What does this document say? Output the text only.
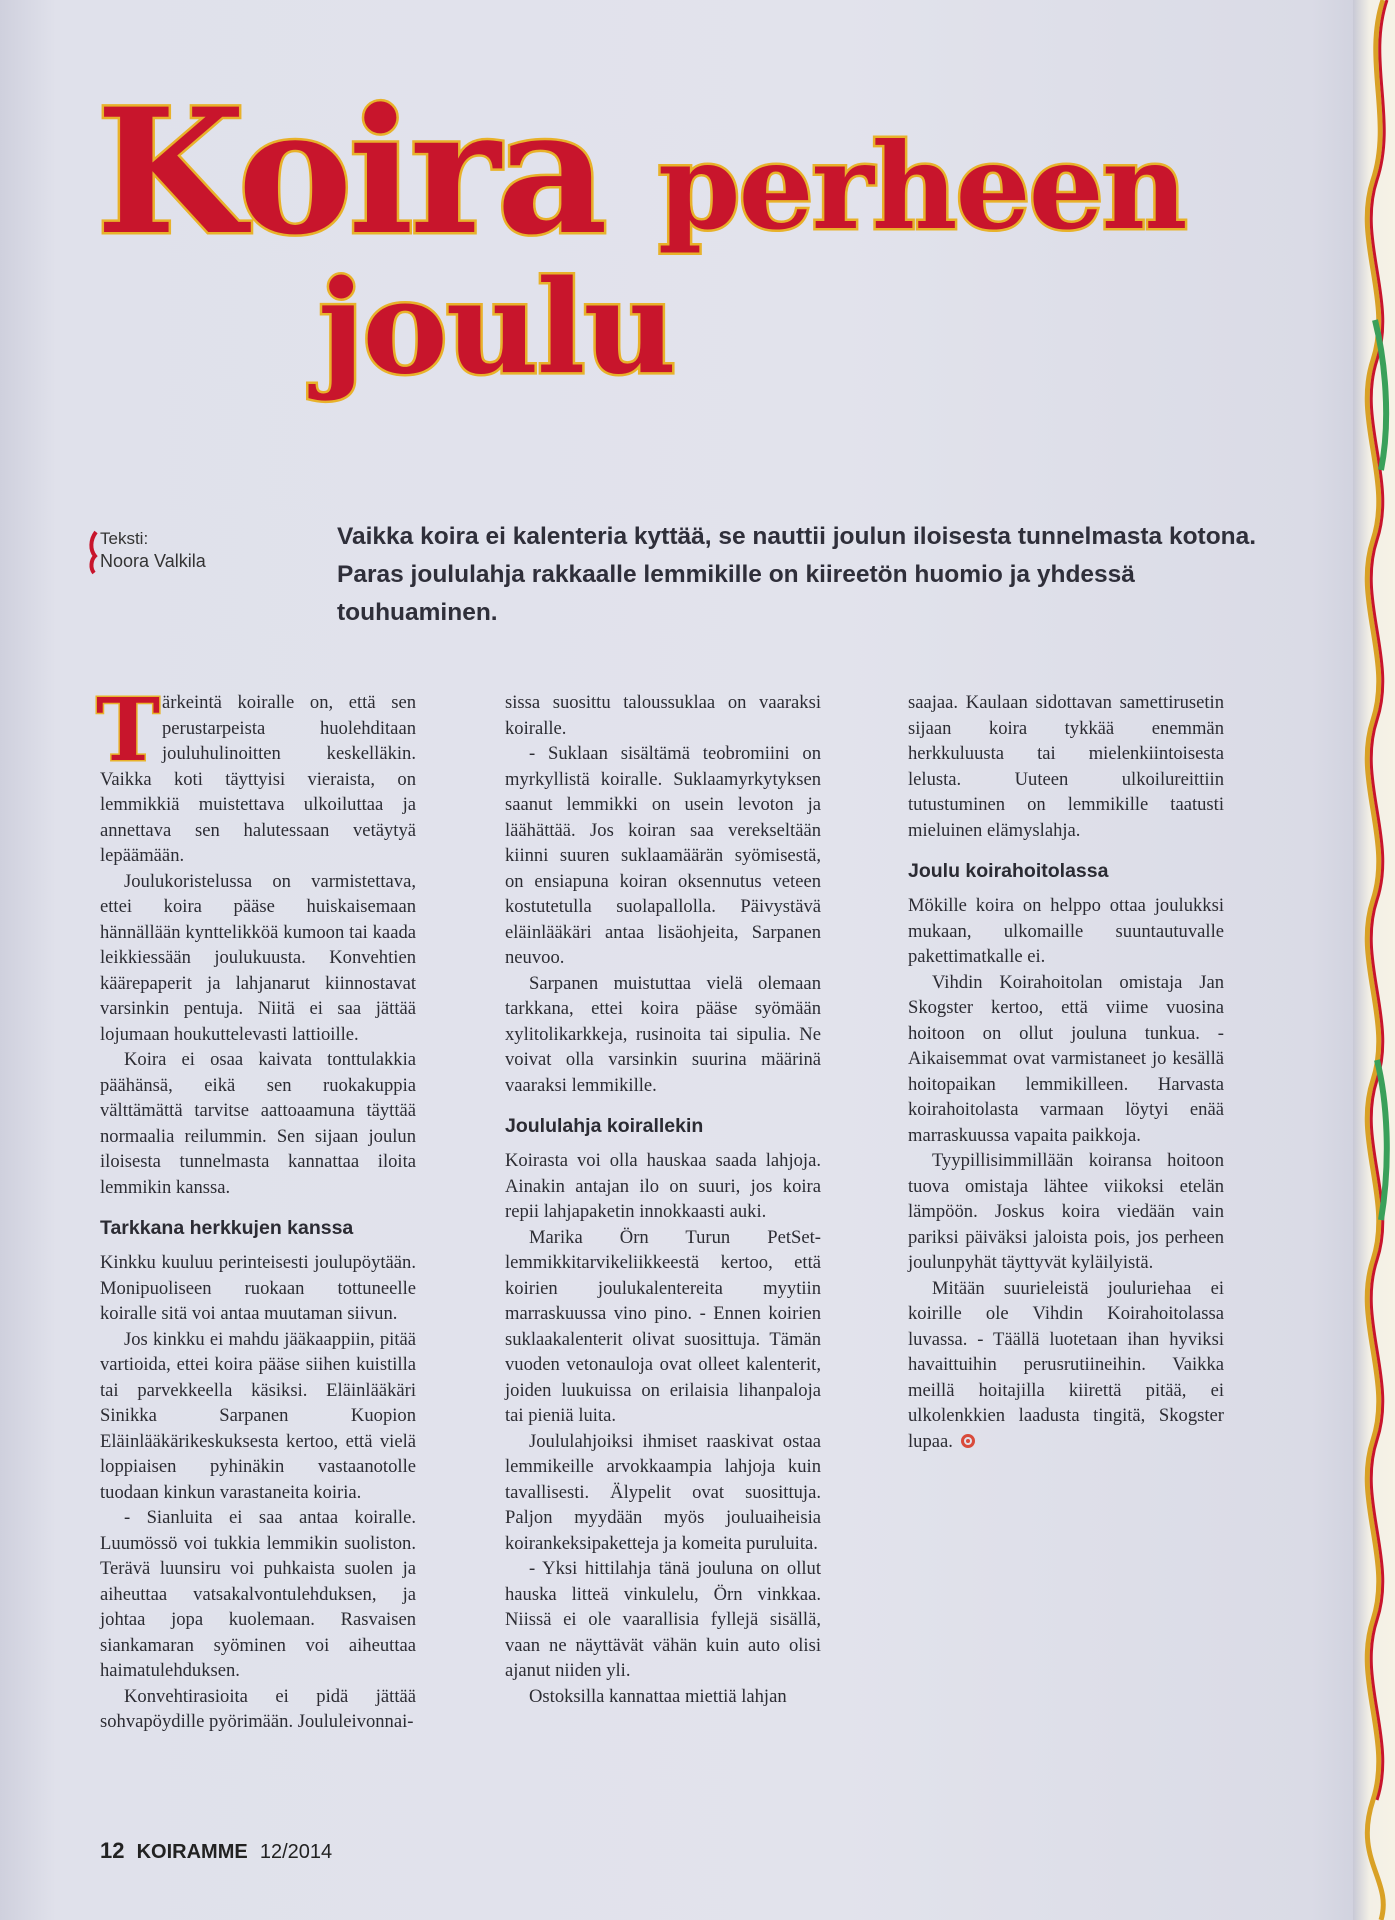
Koira perheen
joulu
Teksti:
Noora Valkila
Vaikka koira ei kalenteria kyttää, se nauttii joulun iloisesta tunnelmasta kotona. Paras joululahja rakkaalle lemmikille on kiireetön huomio ja yhdessä touhuaminen.

T ärkeintä koiralle on, että sen perustarpeista huolehditaan jouluhulinoitten keskelläkin. Vaikka koti täyttyisi vieraista, on lemmikkiä muistettava ulkoiluttaa ja annettava sen halutessaan vetäytyä lepäämään.

Joulukoristelussa on varmistettava, ettei koira pääse huiskaisemaan hännällään kynttelikköä kumoon tai kaada leikkiessään joulukuusta. Konvehtien käärepaperit ja lahjanarut kiinnostavat varsinkin pentuja. Niitä ei saa jättää lojumaan houkuttelevasti lattioille.

Koira ei osaa kaivata tonttulakkia päähänsä, eikä sen ruokakuppia välttämättä tarvitse aattoaamuna täyttää normaalia reilummin. Sen sijaan joulun iloisesta tunnelmasta kannattaa iloita lemmikin kanssa.

Tarkkana herkkujen kanssa

Kinkku kuuluu perinteisesti joulupöytään. Monipuoliseen ruokaan tottuneelle koiralle sitä voi antaa muutaman siivun.

Jos kinkku ei mahdu jääkaappiin, pitää vartioida, ettei koira pääse siihen kuistilla tai parvekkeella käsiksi. Eläinlääkäri Sinikka Sarpanen Kuopion Eläinlääkärikeskuksesta kertoo, että vielä loppiaisen pyhinäkin vastaanotolle tuodaan kinkun varastaneita koiria.

- Sianluita ei saa antaa koiralle. Luumössö voi tukkia lemmikin suoliston. Terävä luunsiru voi puhkaista suolen ja aiheuttaa vatsakalvontulehduksen, ja johtaa jopa kuolemaan. Rasvaisen siankamaran syöminen voi aiheuttaa haimatulehduksen.

Konvehtirasioita ei pidä jättää sohvapöydille pyörimään. Joululeivonnai-

sissa suosittu taloussuklaa on vaaraksi koiralle.

- Suklaan sisältämä teobromiini on myrkyllistä koiralle. Suklaamyrkytyksen saanut lemmikki on usein levoton ja läähättää. Jos koiran saa verekseltään kiinni suuren suklaamäärän syömisestä, on ensiapuna koiran oksennutus veteen kostutetulla suolapallolla. Päivystävä eläinlääkäri antaa lisäohjeita, Sarpanen neuvoo.

Sarpanen muistuttaa vielä olemaan tarkkana, ettei koira pääse syömään xylitolikarkkeja, rusinoita tai sipulia. Ne voivat olla varsinkin suurina määrinä vaaraksi lemmikille.

Joululahja koirallekin

Koirasta voi olla hauskaa saada lahjoja. Ainakin antajan ilo on suuri, jos koira repii lahjapaketin innokkaasti auki.

Marika Örn Turun PetSet-lemmikkitarvikeliikkeestä kertoo, että koirien joulukalentereita myytiin marraskuussa vino pino. - Ennen koirien suklaakalenterit olivat suosittuja. Tämän vuoden vetonauloja ovat olleet kalenterit, joiden luukuissa on erilaisia lihanpaloja tai pieniä luita.

Joululahjoiksi ihmiset raaskivat ostaa lemmikeille arvokkaampia lahjoja kuin tavallisesti. Älypelit ovat suosittuja. Paljon myydään myös jouluaiheisia koirankeksipaketteja ja komeita puruluita.

- Yksi hittilahja tänä jouluna on ollut hauska litteä vinkulelu, Örn vinkkaa. Niissä ei ole vaarallisia fyllejä sisällä, vaan ne näyttävät vähän kuin auto olisi ajanut niiden yli.

Ostoksilla kannattaa miettiä lahjan

saajaa. Kaulaan sidottavan samettirusetin sijaan koira tykkää enemmän herkkuluusta tai mielenkiintoisesta lelusta. Uuteen ulkoilureittiin tutustuminen on lemmikille taatusti mieluinen elämyslahja.

Joulu koirahoitolassa

Mökille koira on helppo ottaa joulukksi mukaan, ulkomaille suuntautuvalle pakettimatkalle ei.

Vihdin Koirahoitolan omistaja Jan Skogster kertoo, että viime vuosina hoitoon on ollut jouluna tunkua. - Aikaisemmat ovat varmistaneet jo kesällä hoitopaikan lemmikilleen. Harvasta koirahoitolasta varmaan löytyi enää marraskuussa vapaita paikkoja.

Tyypillisimmillään koiransa hoitoon tuova omistaja lähtee viikoksi etelän lämpöön. Joskus koira viedään vain pariksi päiväksi jaloista pois, jos perheen joulunpyhät täyttyvät kyläilyistä.

Mitään suurieleistä jouluriehaa ei koirille ole Vihdin Koirahoitolassa luvassa. - Täällä luotetaan ihan hyviksi havaittuihin perusrutiineihin. Vaikka meillä hoitajilla kiirettä pitää, ei ulkolenkkien laadusta tingitä, Skogster lupaa.

12 KOIRAMME 12/2014
